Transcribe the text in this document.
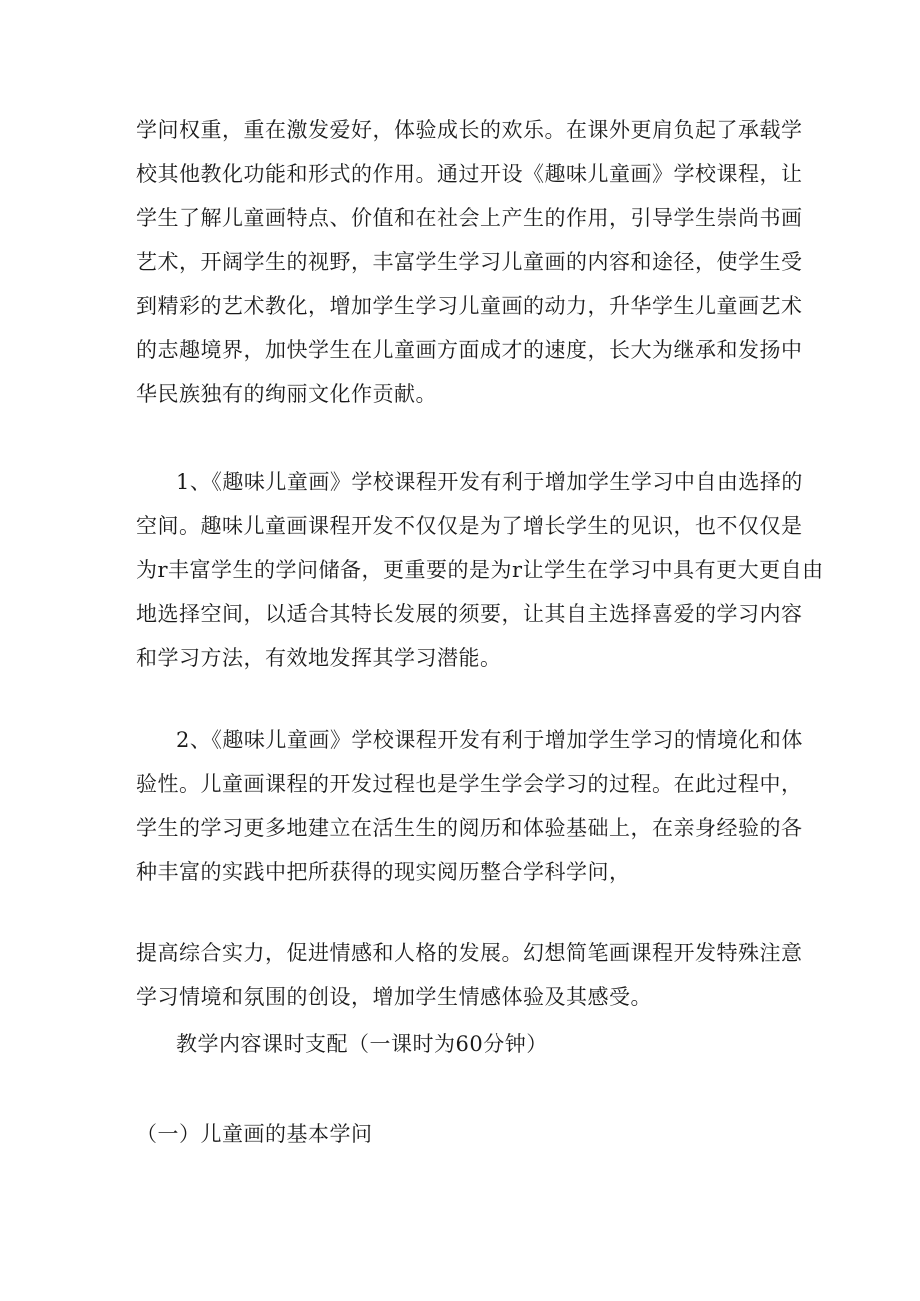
学问权重，重在激发爱好，体验成长的欢乐。在课外更肩负起了承载学
校其他教化功能和形式的作用。通过开设《趣味儿童画》学校课程，让
学生了解儿童画特点、价值和在社会上产生的作用，引导学生崇尚书画
艺术，开阔学生的视野，丰富学生学习儿童画的内容和途径，使学生受
到精彩的艺术教化，增加学生学习儿童画的动力，升华学生儿童画艺术
的志趣境界，加快学生在儿童画方面成才的速度，长大为继承和发扬中
华民族独有的绚丽文化作贡献。
1、《趣味儿童画》学校课程开发有利于增加学生学习中自由选择的
空间。趣味儿童画课程开发不仅仅是为了增长学生的见识，也不仅仅是
为r丰富学生的学问储备，更重要的是为r让学生在学习中具有更大更自由
地选择空间，以适合其特长发展的须要，让其自主选择喜爱的学习内容
和学习方法，有效地发挥其学习潜能。
2、《趣味儿童画》学校课程开发有利于增加学生学习的情境化和体
验性。儿童画课程的开发过程也是学生学会学习的过程。在此过程中，
学生的学习更多地建立在活生生的阅历和体验基础上，在亲身经验的各
种丰富的实践中把所获得的现实阅历整合学科学问，
提高综合实力，促进情感和人格的发展。幻想简笔画课程开发特殊注意
学习情境和氛围的创设，增加学生情感体验及其感受。
教学内容课时支配（一课时为60分钟）
（一）儿童画的基本学问
